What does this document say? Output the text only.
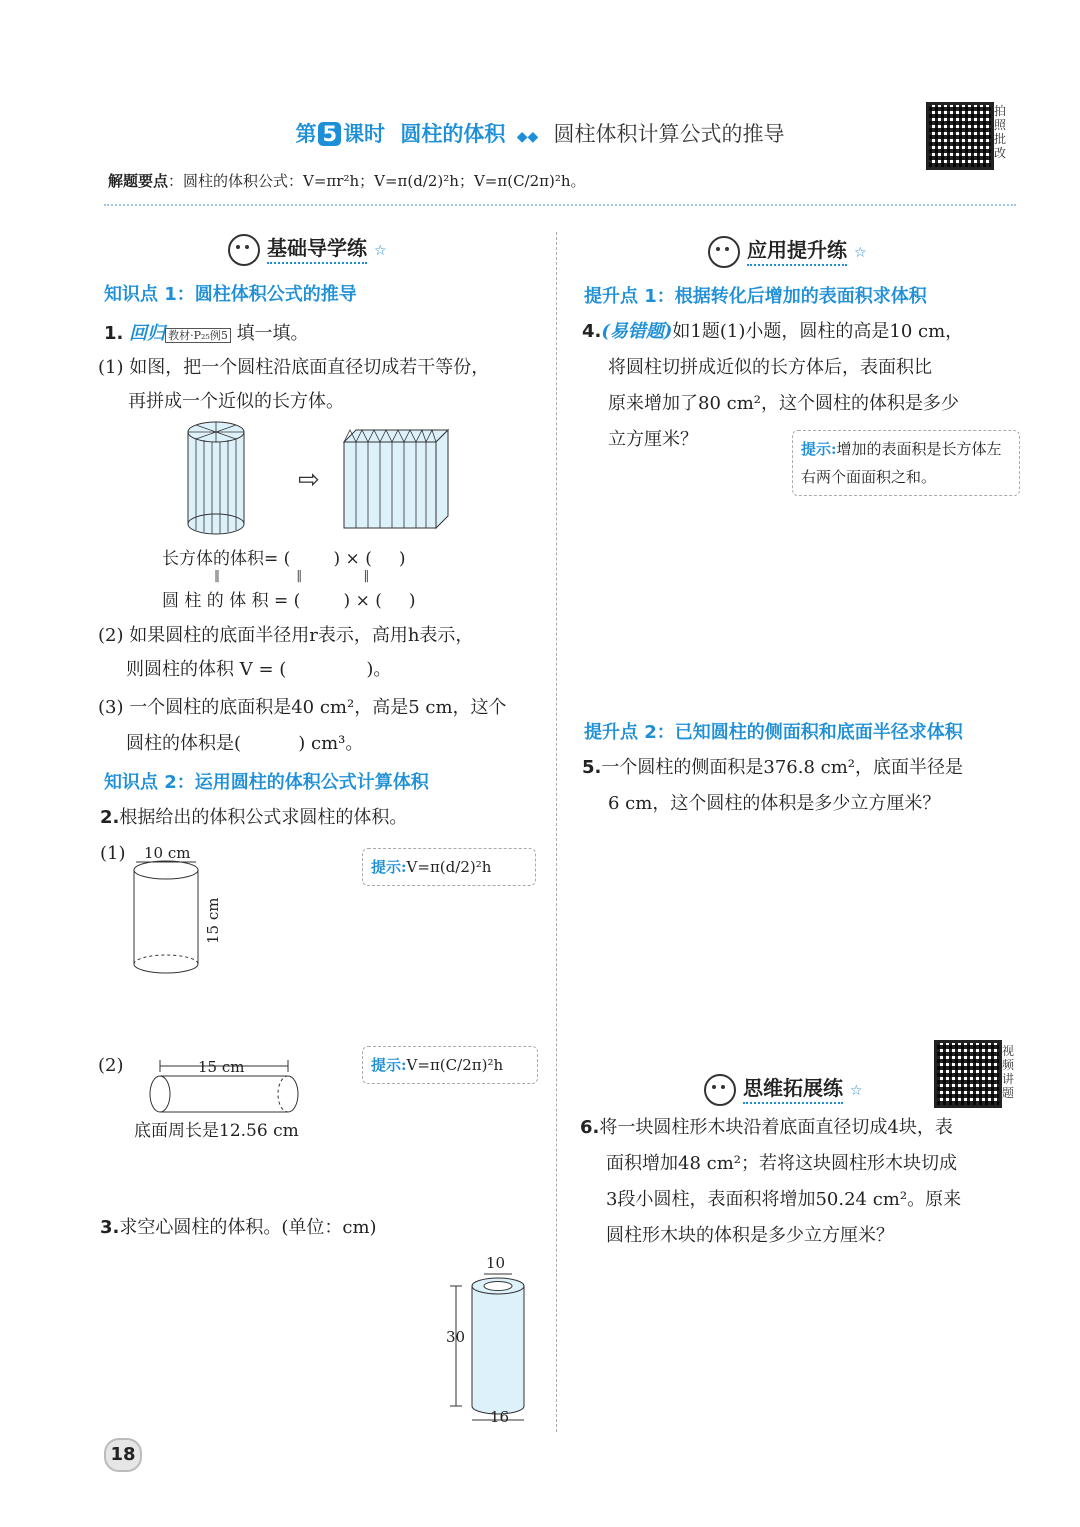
第 5 课时 圆柱的体积 ◆◆ 圆柱体积计算公式的推导
拍照批改
解题要点：圆柱的体积公式：V=πr²h；V=π(d/2)²h；V=π(C/2π)²h。
基础导学练 ☆
知识点 1：圆柱体积公式的推导
1. 回归 教材·P₂₅例5 填一填。
(1) 如图，把一个圆柱沿底面直径切成若干等份，
再拼成一个近似的长方体。
⇨
长方体的体积= (        ) × (     )
‖                    ‖                ‖
圆 柱 的 体 积 = (        ) × (     )
(2) 如果圆柱的底面半径用r表示，高用h表示，
则圆柱的体积 V = (              )。
(3) 一个圆柱的底面积是40 cm²，高是5 cm，这个
圆柱的体积是(          ) cm³。
知识点 2：运用圆柱的体积公式计算体积
2.根据给出的体积公式求圆柱的体积。
(1) 10 cm
15 cm
提示:V=π(d/2)²h
(2)	15 cm
底面周长是12.56 cm
提示:V=π(C/2π)²h
3.求空心圆柱的体积。(单位：cm)
10
30
16
应用提升练 ☆
提升点 1：根据转化后增加的表面积求体积
4.(易错题)如1题(1)小题，圆柱的高是10 cm，
将圆柱切拼成近似的长方体后，表面积比
原来增加了80 cm²，这个圆柱的体积是多少
立方厘米？	提示:增加的表面积是长方体左右两个面面积之和。
提升点 2：已知圆柱的侧面积和底面半径求体积
5.一个圆柱的侧面积是376.8 cm²，底面半径是
6 cm，这个圆柱的体积是多少立方厘米？
思维拓展练 ☆
视频讲题
6.将一块圆柱形木块沿着底面直径切成4块，表
面积增加48 cm²；若将这块圆柱形木块切成
3段小圆柱，表面积将增加50.24 cm²。原来
圆柱形木块的体积是多少立方厘米？
18
